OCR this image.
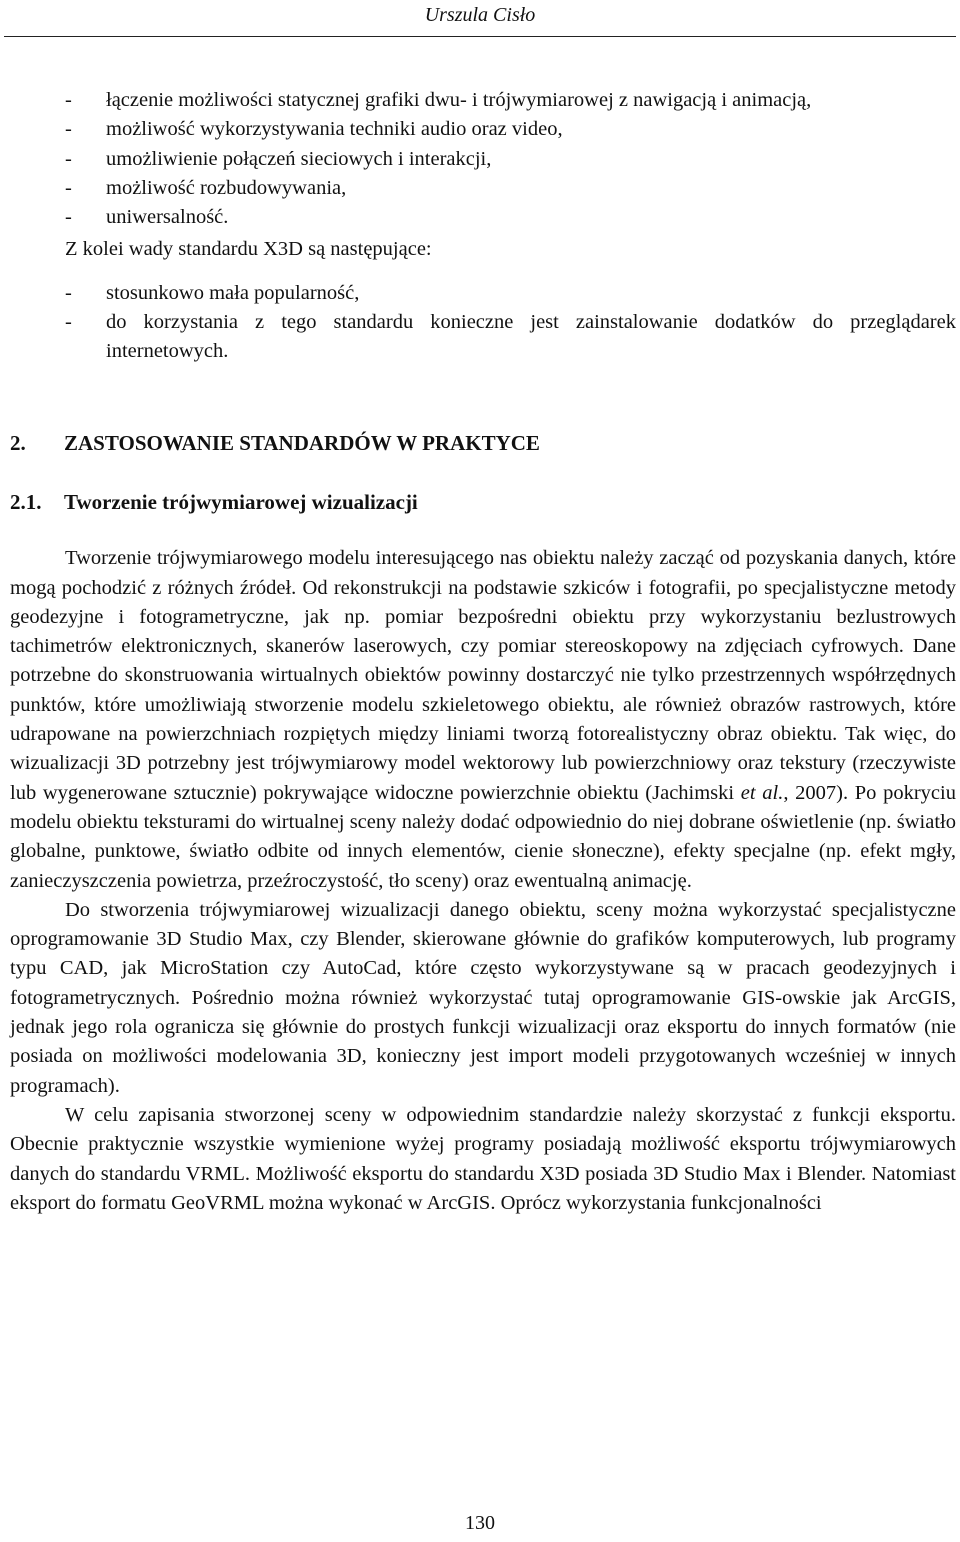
Urszula Cisło
-	łączenie możliwości statycznej grafiki dwu- i trójwymiarowej z nawigacją i animacją,
-	możliwość wykorzystywania techniki audio oraz video,
-	umożliwienie połączeń sieciowych i interakcji,
-	możliwość rozbudowywania,
-	uniwersalność.

Z kolei wady standardu X3D są następujące:

-	stosunkowo mała popularność,
-	do korzystania z tego standardu konieczne jest zainstalowanie dodatków do przeglądarek internetowych.
2. ZASTOSOWANIE STANDARDÓW W PRAKTYCE
2.1. Tworzenie trójwymiarowej wizualizacji

Tworzenie trójwymiarowego modelu interesującego nas obiektu należy zacząć od pozyskania danych, które mogą pochodzić z różnych źródeł. Od rekonstrukcji na podstawie szkiców i fotografii, po specjalistyczne metody geodezyjne i fotogrametryczne, jak np. pomiar bezpośredni obiektu przy wykorzystaniu bezlustrowych tachimetrów elektronicznych, skanerów laserowych, czy pomiar stereoskopowy na zdjęciach cyfrowych. Dane potrzebne do skonstruowania wirtualnych obiektów powinny dostarczyć nie tylko przestrzennych współrzędnych punktów, które umożliwiają stworzenie modelu szkieletowego obiektu, ale również obrazów rastrowych, które udrapowane na powierzchniach rozpiętych między liniami tworzą fotorealistyczny obraz obiektu. Tak więc, do wizualizacji 3D potrzebny jest trójwymiarowy model wektorowy lub powierzchniowy oraz tekstury (rzeczywiste lub wygenerowane sztucznie) pokrywające widoczne powierzchnie obiektu (Jachimski et al., 2007). Po pokryciu modelu obiektu teksturami do wirtualnej sceny należy dodać odpowiednio do niej dobrane oświetlenie (np. światło globalne, punktowe, światło odbite od innych elementów, cienie słoneczne), efekty specjalne (np. efekt mgły, zanieczyszczenia powietrza, przeźroczystość, tło sceny) oraz ewentualną animację.

Do stworzenia trójwymiarowej wizualizacji danego obiektu, sceny można wykorzystać specjalistyczne oprogramowanie 3D Studio Max, czy Blender, skierowane głównie do grafików komputerowych, lub programy typu CAD, jak MicroStation czy AutoCad, które często wykorzystywane są w pracach geodezyjnych i fotogrametrycznych. Pośrednio można również wykorzystać tutaj oprogramowanie GIS-owskie jak ArcGIS, jednak jego rola ogranicza się głównie do prostych funkcji wizualizacji oraz eksportu do innych formatów (nie posiada on możliwości modelowania 3D, konieczny jest import modeli przygotowanych wcześniej w innych programach).

W celu zapisania stworzonej sceny w odpowiednim standardzie należy skorzystać z funkcji eksportu. Obecnie praktycznie wszystkie wymienione wyżej programy posiadają możliwość eksportu trójwymiarowych danych do standardu VRML. Możliwość eksportu do standardu X3D posiada 3D Studio Max i Blender. Natomiast eksport do formatu GeoVRML można wykonać w ArcGIS. Oprócz wykorzystania funkcjonalności

130
